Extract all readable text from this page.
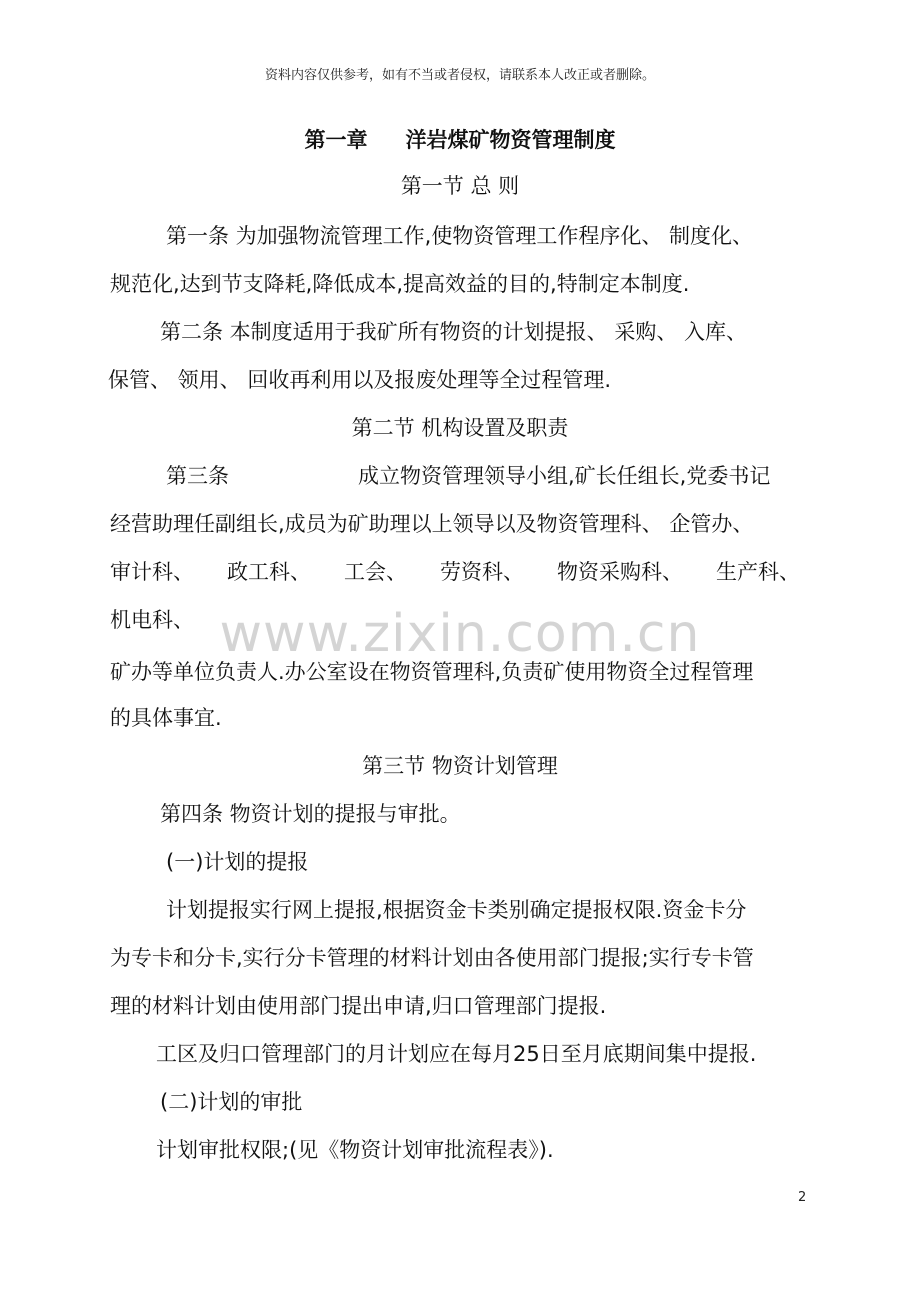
资料内容仅供参考，如有不当或者侵权，请联系本人改正或者删除。
第一章 洋岩煤矿物资管理制度
第一节 总 则
第一条 为加强物流管理工作,使物资管理工作程序化、 制度化、
规范化,达到节支降耗,降低成本,提高效益的目的,特制定本制度.
第二条 本制度适用于我矿所有物资的计划提报、 采购、 入库、
保管、 领用、 回收再利用以及报废处理等全过程管理.
第二节 机构设置及职责
第三条	成立物资管理领导小组,矿长任组长,党委书记
经营助理任副组长,成员为矿助理以上领导以及物资管理科、 企管办、
审计科、 政工科、 工会、 劳资科、 物资采购科、 生产科、
机电科、 www.zixin.com.cn
矿办等单位负责人.办公室设在物资管理科,负责矿使用物资全过程管理
的具体事宜.
第三节 物资计划管理
第四条 物资计划的提报与审批。
(一)计划的提报
计划提报实行网上提报,根据资金卡类别确定提报权限.资金卡分
为专卡和分卡,实行分卡管理的材料计划由各使用部门提报;实行专卡管
理的材料计划由使用部门提出申请,归口管理部门提报.
工区及归口管理部门的月计划应在每月25日至月底期间集中提报.
(二)计划的审批
计划审批权限;(见《物资计划审批流程表》).
2
